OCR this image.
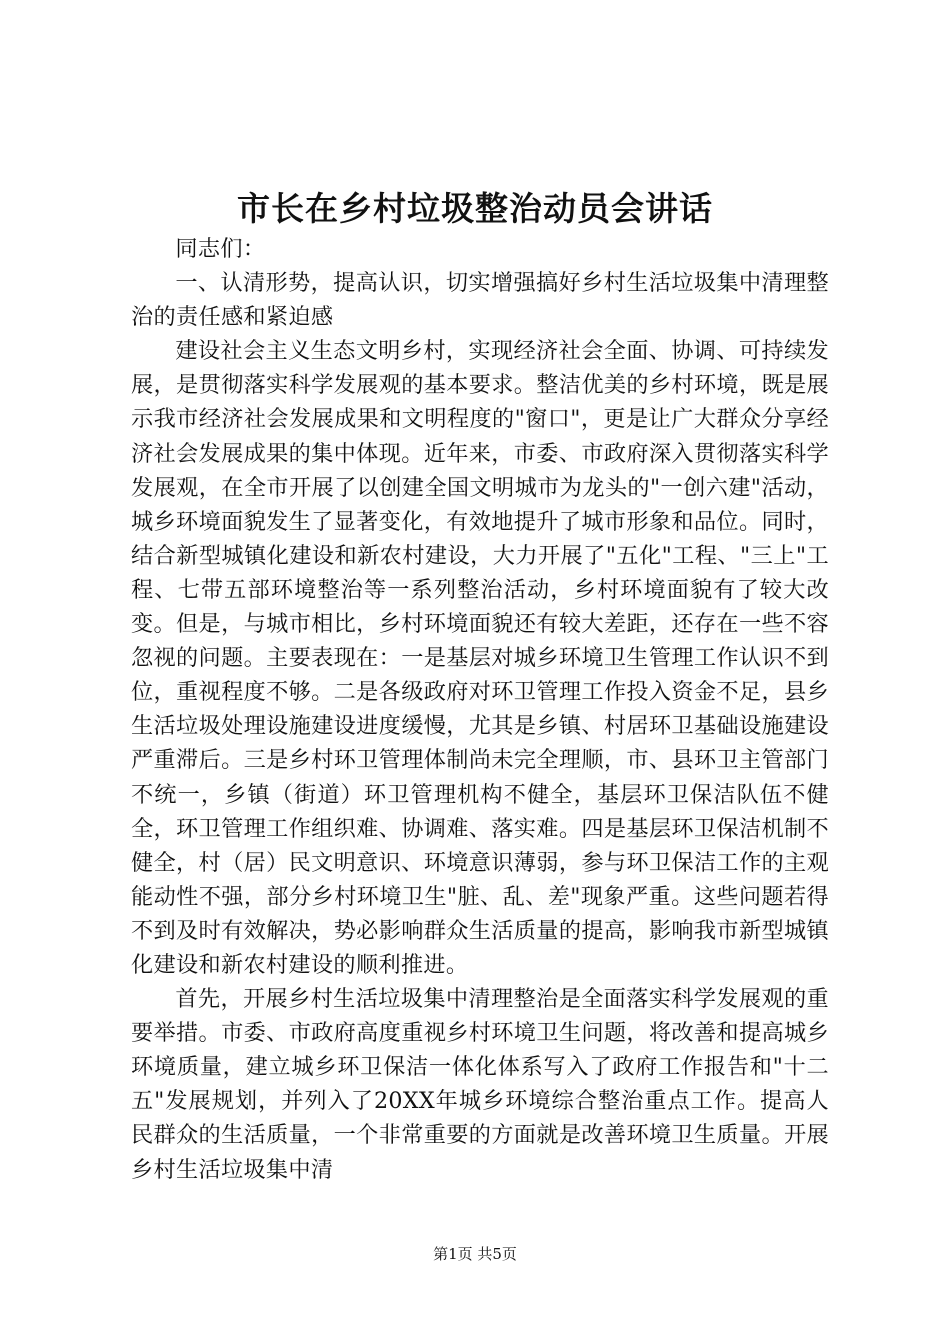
市长在乡村垃圾整治动员会讲话

同志们：

一、认清形势，提高认识，切实增强搞好乡村生活垃圾集中清理整治的责任感和紧迫感

建设社会主义生态文明乡村，实现经济社会全面、协调、可持续发展，是贯彻落实科学发展观的基本要求。整洁优美的乡村环境，既是展示我市经济社会发展成果和文明程度的"窗口"，更是让广大群众分享经济社会发展成果的集中体现。近年来，市委、市政府深入贯彻落实科学发展观，在全市开展了以创建全国文明城市为龙头的"一创六建"活动，城乡环境面貌发生了显著变化，有效地提升了城市形象和品位。同时，结合新型城镇化建设和新农村建设，大力开展了"五化"工程、"三上"工程、七带五部环境整治等一系列整治活动，乡村环境面貌有了较大改变。但是，与城市相比，乡村环境面貌还有较大差距，还存在一些不容忽视的问题。主要表现在：一是基层对城乡环境卫生管理工作认识不到位，重视程度不够。二是各级政府对环卫管理工作投入资金不足，县乡生活垃圾处理设施建设进度缓慢，尤其是乡镇、村居环卫基础设施建设严重滞后。三是乡村环卫管理体制尚未完全理顺，市、县环卫主管部门不统一，乡镇（街道）环卫管理机构不健全，基层环卫保洁队伍不健全，环卫管理工作组织难、协调难、落实难。四是基层环卫保洁机制不健全，村（居）民文明意识、环境意识薄弱，参与环卫保洁工作的主观能动性不强，部分乡村环境卫生"脏、乱、差"现象严重。这些问题若得不到及时有效解决，势必影响群众生活质量的提高，影响我市新型城镇化建设和新农村建设的顺利推进。

首先，开展乡村生活垃圾集中清理整治是全面落实科学发展观的重要举措。市委、市政府高度重视乡村环境卫生问题，将改善和提高城乡环境质量，建立城乡环卫保洁一体化体系写入了政府工作报告和"十二五"发展规划，并列入了20XX年城乡环境综合整治重点工作。提高人民群众的生活质量，一个非常重要的方面就是改善环境卫生质量。开展乡村生活垃圾集中清

第1页 共5页
